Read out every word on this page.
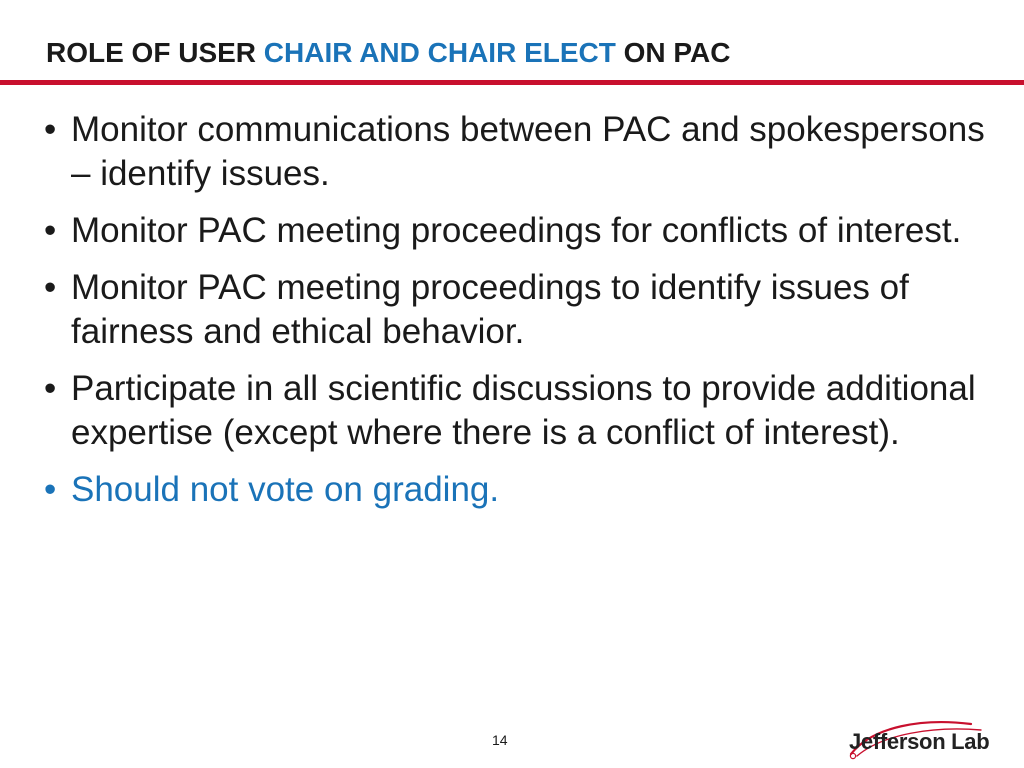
ROLE OF USER CHAIR AND CHAIR ELECT ON PAC
• Monitor communications between PAC and spokespersons – identify issues.
• Monitor PAC meeting proceedings for conflicts of interest.
• Monitor PAC meeting proceedings to identify issues of fairness and ethical behavior.
• Participate in all scientific discussions to provide additional expertise (except where there is a conflict of interest).
• Should not vote on grading.
14	Jefferson Lab
